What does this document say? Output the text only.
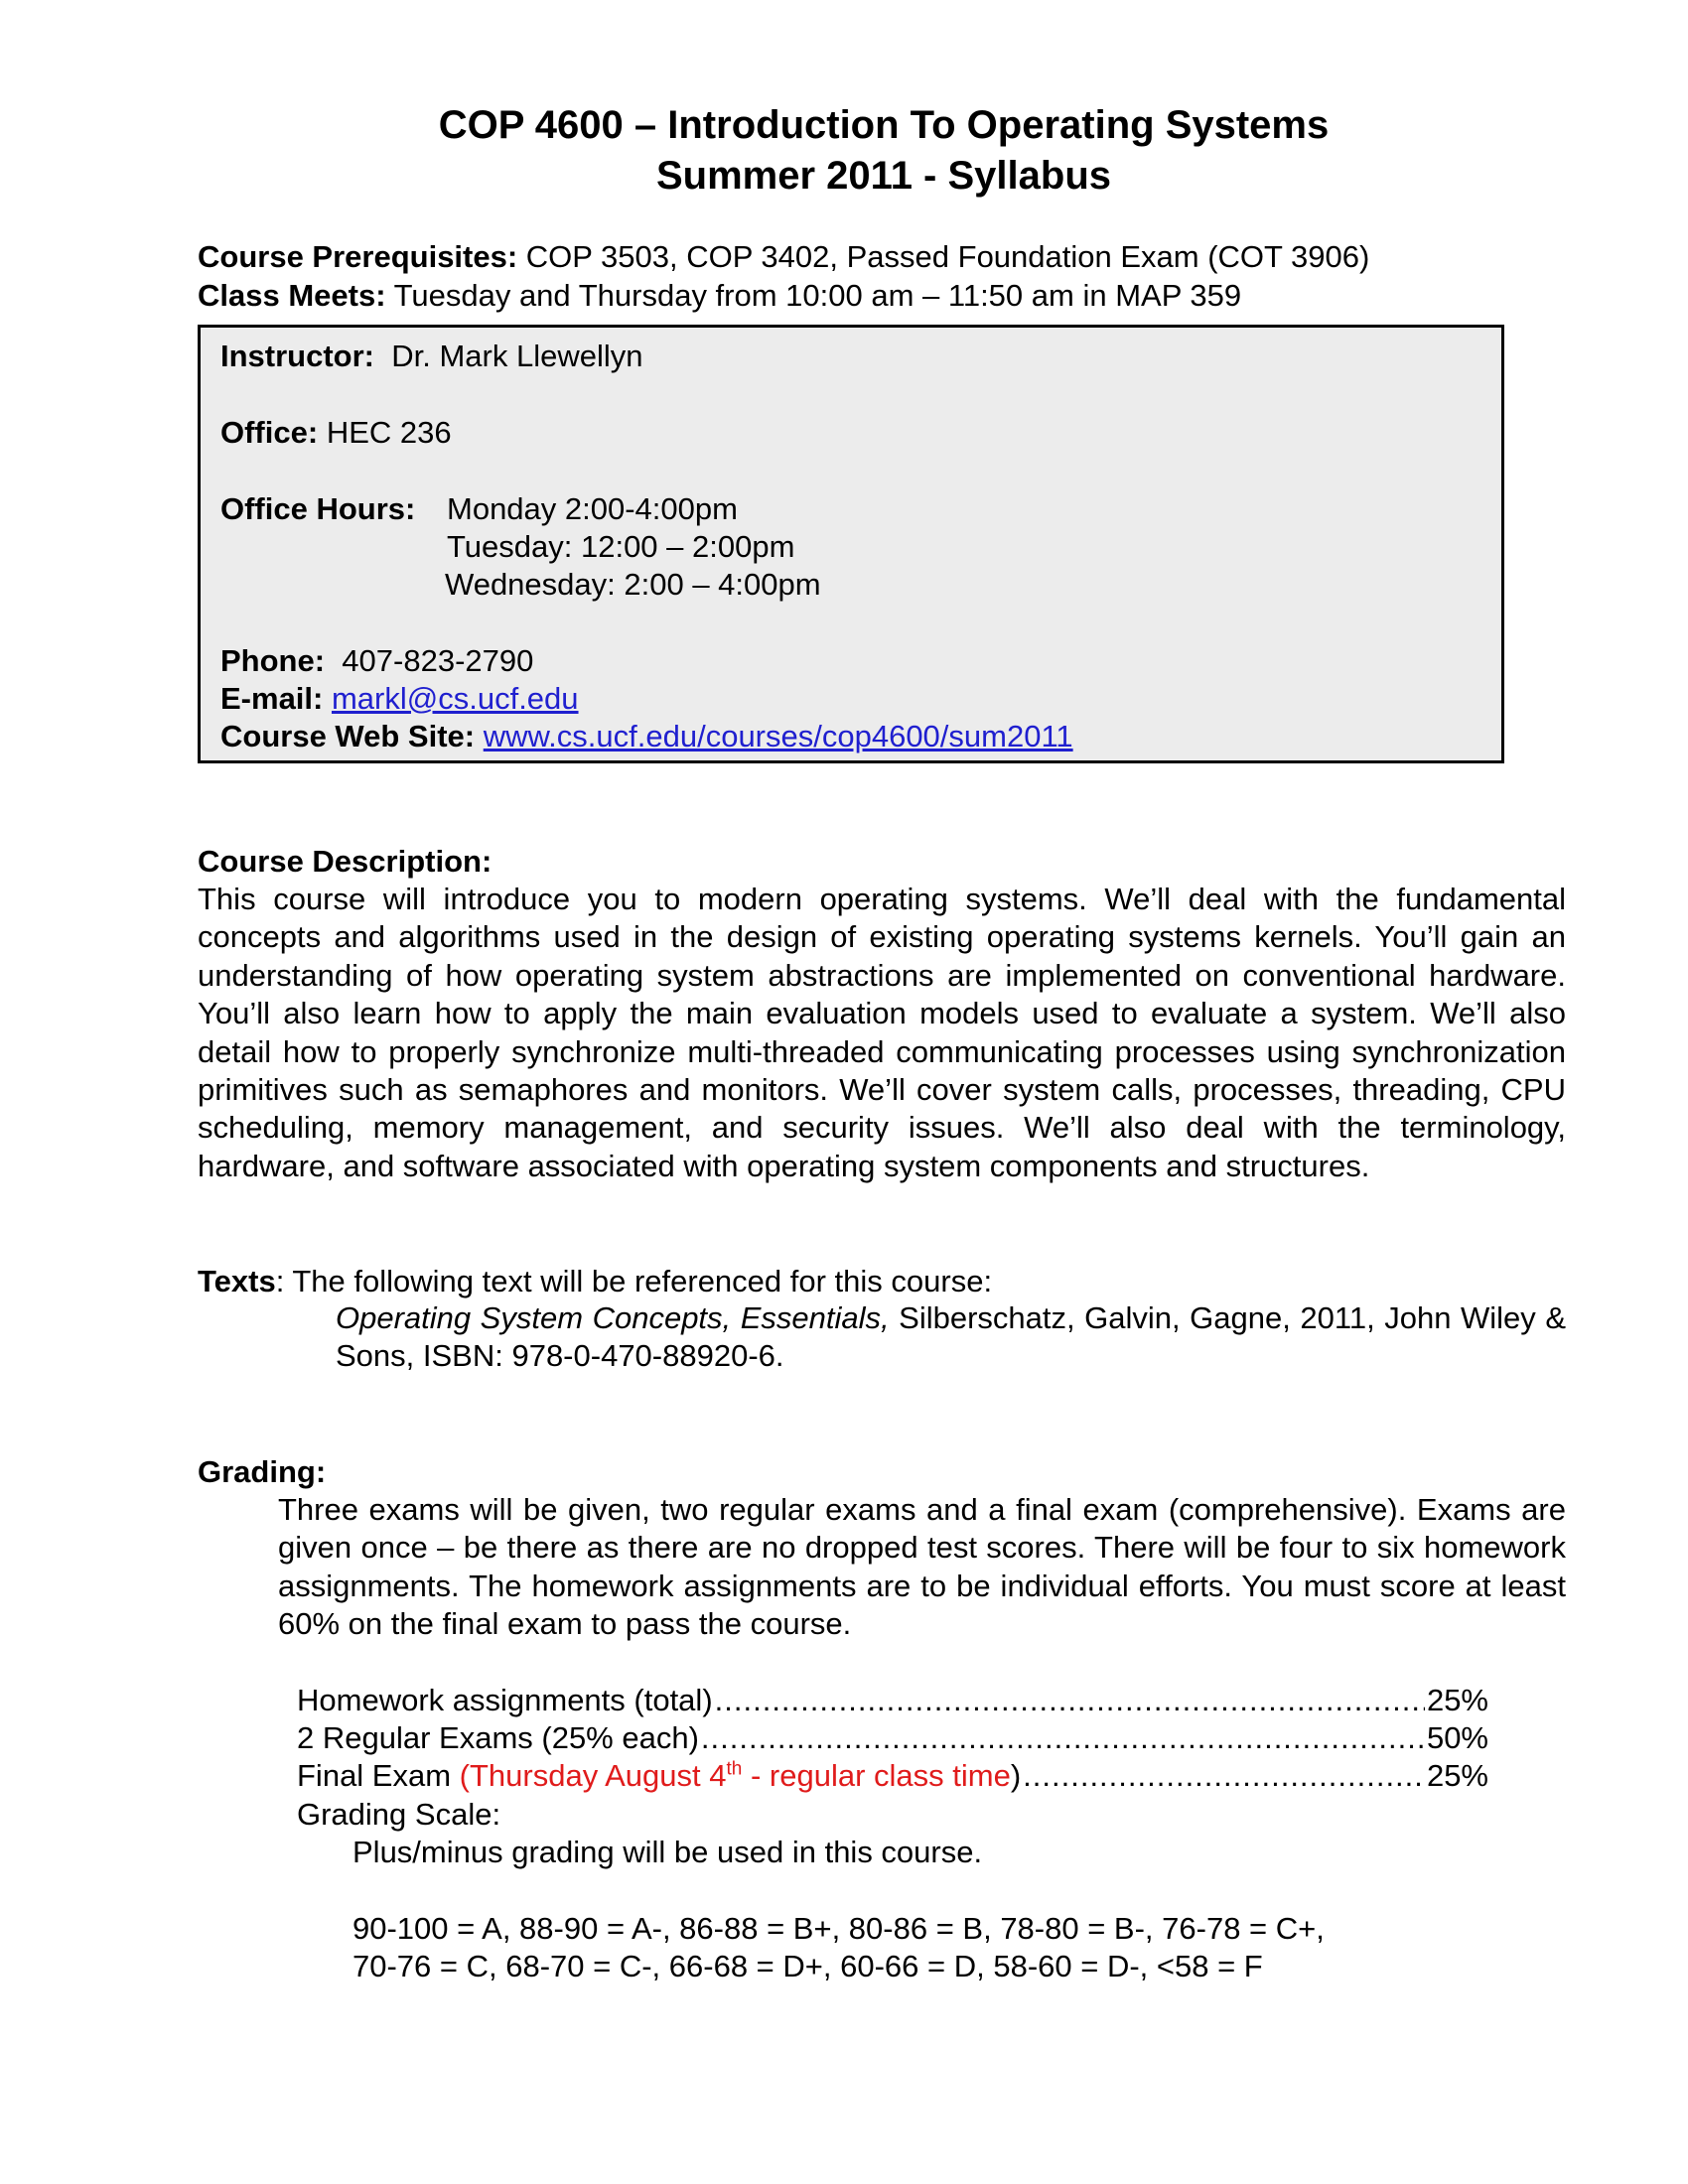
COP 4600 – Introduction To Operating Systems
Summer 2011 - Syllabus
Course Prerequisites: COP 3503, COP 3402, Passed Foundation Exam (COT 3906)
Class Meets: Tuesday and Thursday from 10:00 am – 11:50 am in MAP 359
Instructor: Dr. Mark Llewellyn
Office: HEC 236
Office Hours: Monday 2:00-4:00pm
Tuesday: 12:00 – 2:00pm
Wednesday: 2:00 – 4:00pm
Phone: 407-823-2790
E-mail: markl@cs.ucf.edu
Course Web Site: www.cs.ucf.edu/courses/cop4600/sum2011
Course Description:
This course will introduce you to modern operating systems. We’ll deal with the fundamental concepts and algorithms used in the design of existing operating systems kernels. You’ll gain an understanding of how operating system abstractions are implemented on conventional hardware. You’ll also learn how to apply the main evaluation models used to evaluate a system. We’ll also detail how to properly synchronize multi-threaded communicating processes using synchronization primitives such as semaphores and monitors. We’ll cover system calls, processes, threading, CPU scheduling, memory management, and security issues. We’ll also deal with the terminology, hardware, and software associated with operating system components and structures.
Texts: The following text will be referenced for this course:
Operating System Concepts, Essentials, Silberschatz, Galvin, Gagne, 2011, John Wiley & Sons, ISBN: 978-0-470-88920-6.
Grading:
Three exams will be given, two regular exams and a final exam (comprehensive). Exams are given once – be there as there are no dropped test scores. There will be four to six homework assignments. The homework assignments are to be individual efforts. You must score at least 60% on the final exam to pass the course.
Homework assignments (total) .....	25%
2 Regular Exams (25% each) .....	50%
Final Exam (Thursday August 4th - regular class time) .....	25%
Grading Scale:
Plus/minus grading will be used in this course.
90-100 = A, 88-90 = A-, 86-88 = B+, 80-86 = B, 78-80 = B-, 76-78 = C+,
70-76 = C, 68-70 = C-, 66-68 = D+, 60-66 = D, 58-60 = D-, <58 = F
